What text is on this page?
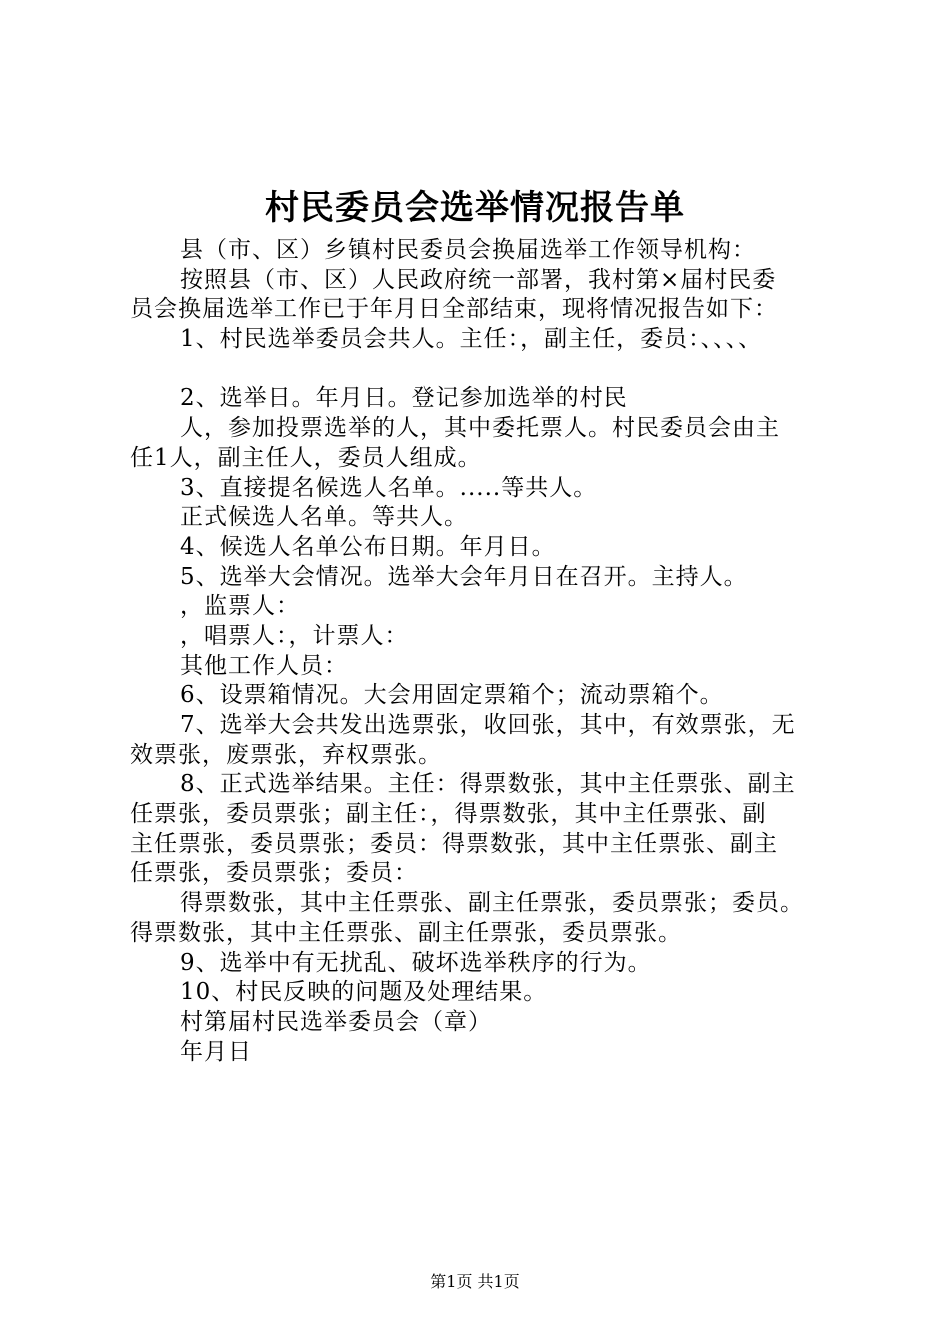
村民委员会选举情况报告单
县（市、区）乡镇村民委员会换届选举工作领导机构：
按照县（市、区）人民政府统一部署，我村第×届村民委
员会换届选举工作已于年月日全部结束，现将情况报告如下：
1、村民选举委员会共人。主任：，副主任，委员：、、、、
2、选举日。年月日。登记参加选举的村民
人，参加投票选举的人，其中委托票人。村民委员会由主
任1人，副主任人，委员人组成。
3、直接提名候选人名单。.....等共人。
正式候选人名单。等共人。
4、候选人名单公布日期。年月日。
5、选举大会情况。选举大会年月日在召开。主持人。
，监票人：
，唱票人：，计票人：
其他工作人员：
6、设票箱情况。大会用固定票箱个；流动票箱个。
7、选举大会共发出选票张，收回张，其中，有效票张，无
效票张，废票张，弃权票张。
8、正式选举结果。主任：得票数张，其中主任票张、副主
任票张，委员票张；副主任：，得票数张，其中主任票张、副
主任票张，委员票张；委员：得票数张，其中主任票张、副主
任票张，委员票张；委员：
得票数张，其中主任票张、副主任票张，委员票张；委员。
得票数张，其中主任票张、副主任票张，委员票张。
9、选举中有无扰乱、破坏选举秩序的行为。
10、村民反映的问题及处理结果。
村第届村民选举委员会（章）
年月日
第1页 共1页
